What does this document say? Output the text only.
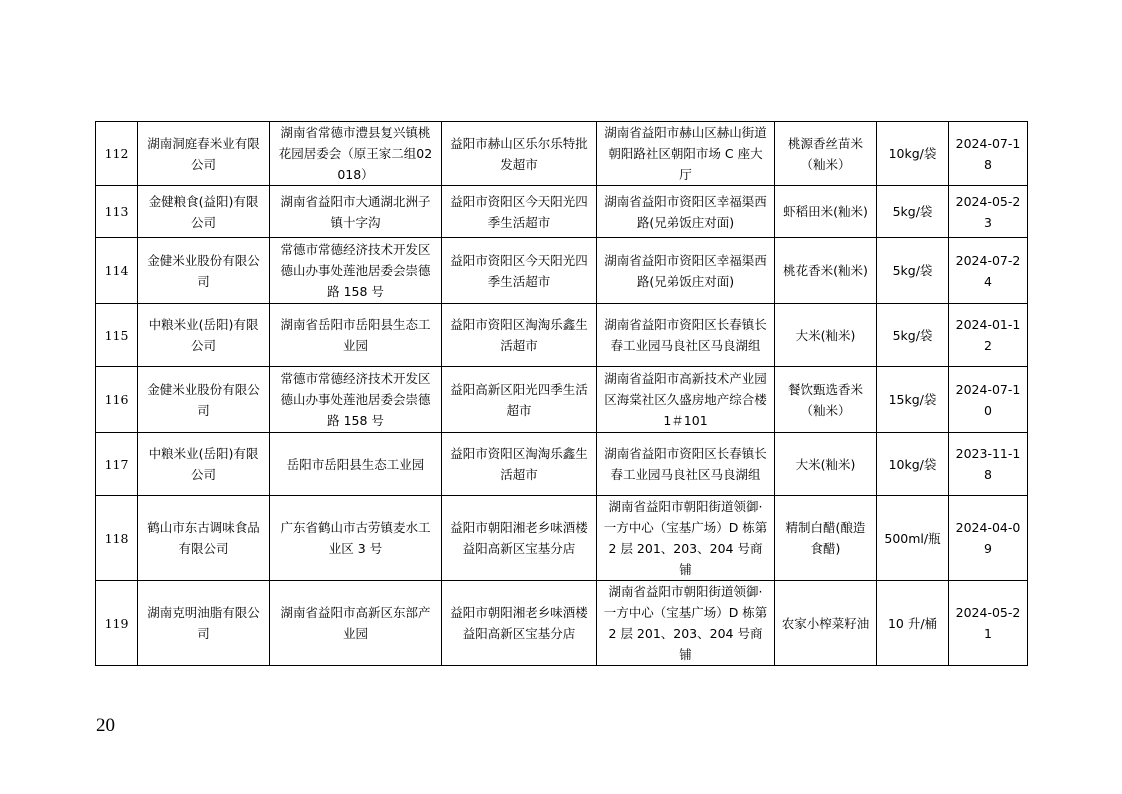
112	湖南洞庭春米业有限公司	湖南省常德市澧县复兴镇桃花园居委会（原王家二组02018）	益阳市赫山区乐尔乐特批发超市	湖南省益阳市赫山区赫山街道朝阳路社区朝阳市场 C 座大厅	桃源香丝苗米（籼米）	10kg/袋	2024-07-18
113	金健粮食(益阳)有限公司	湖南省益阳市大通湖北洲子镇十字沟	益阳市资阳区今天阳光四季生活超市	湖南省益阳市资阳区幸福渠西路(兄弟饭庄对面)	虾稻田米(籼米)	5kg/袋	2024-05-23
114	金健米业股份有限公司	常德市常德经济技术开发区德山办事处莲池居委会崇德路 158 号	益阳市资阳区今天阳光四季生活超市	湖南省益阳市资阳区幸福渠西路(兄弟饭庄对面)	桃花香米(籼米)	5kg/袋	2024-07-24
115	中粮米业(岳阳)有限公司	湖南省岳阳市岳阳县生态工业园	益阳市资阳区淘淘乐鑫生活超市	湖南省益阳市资阳区长春镇长春工业园马良社区马良湖组	大米(籼米)	5kg/袋	2024-01-12
116	金健米业股份有限公司	常德市常德经济技术开发区德山办事处莲池居委会崇德路 158 号	益阳高新区阳光四季生活超市	湖南省益阳市高新技术产业园区海棠社区久盛房地产综合楼 1＃101	餐饮甄选香米（籼米）	15kg/袋	2024-07-10
117	中粮米业(岳阳)有限公司	岳阳市岳阳县生态工业园	益阳市资阳区淘淘乐鑫生活超市	湖南省益阳市资阳区长春镇长春工业园马良社区马良湖组	大米(籼米)	10kg/袋	2023-11-18
118	鹤山市东古调味食品有限公司	广东省鹤山市古劳镇麦水工业区 3 号	益阳市朝阳湘老乡味酒楼益阳高新区宝基分店	湖南省益阳市朝阳街道领御·一方中心（宝基广场）D 栋第 2 层 201、203、204 号商铺	精制白醋(酿造食醋)	500ml/瓶	2024-04-09
119	湖南克明油脂有限公司	湖南省益阳市高新区东部产业园	益阳市朝阳湘老乡味酒楼益阳高新区宝基分店	湖南省益阳市朝阳街道领御·一方中心（宝基广场）D 栋第 2 层 201、203、204 号商铺	农家小榨菜籽油	10 升/桶	2024-05-21
20
